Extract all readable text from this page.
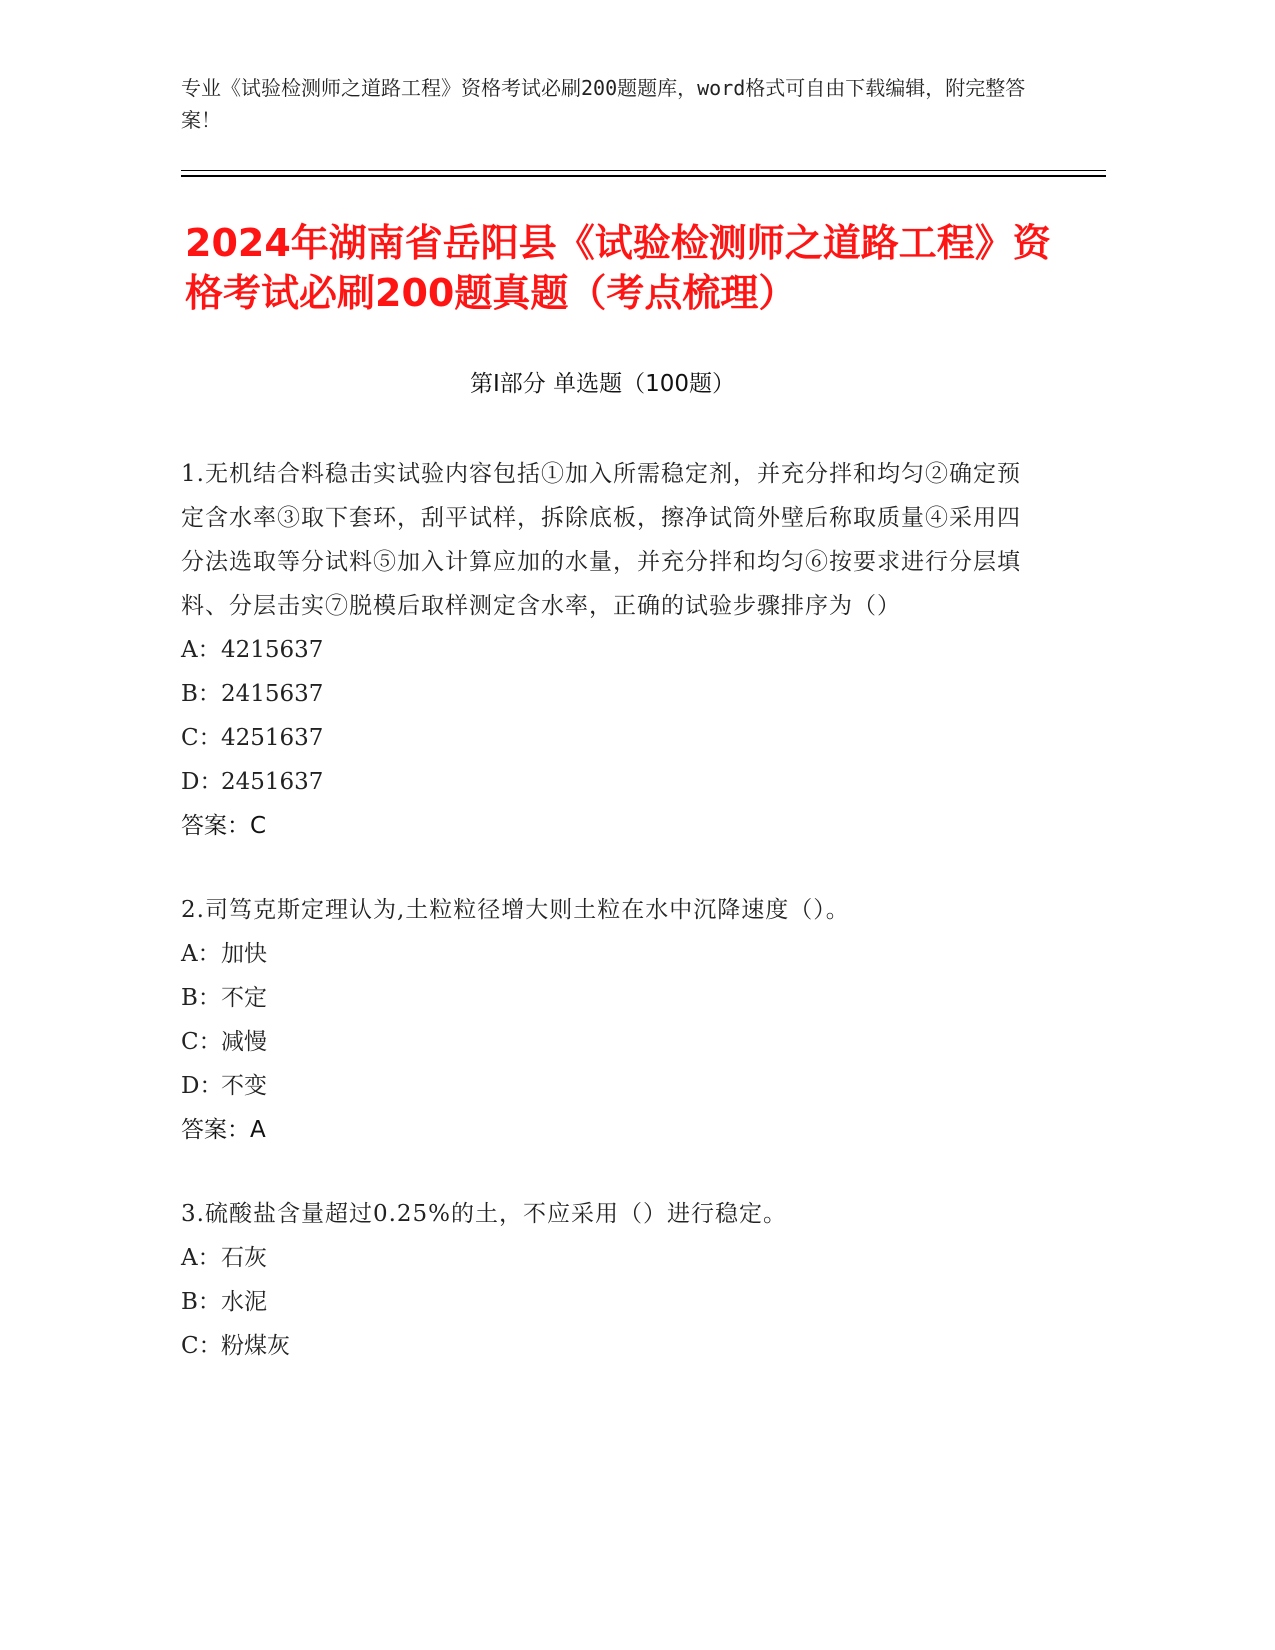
专业《试验检测师之道路工程》资格考试必刷200题题库，word格式可自由下载编辑，附完整答案！
2024年湖南省岳阳县《试验检测师之道路工程》资格考试必刷200题真题（考点梳理）
第Ⅰ部分 单选题（100题）
1.无机结合料稳击实试验内容包括①加入所需稳定剂，并充分拌和均匀②确定预定含水率③取下套环，刮平试样，拆除底板，擦净试筒外壁后称取质量④采用四分法选取等分试料⑤加入计算应加的水量，并充分拌和均匀⑥按要求进行分层填料、分层击实⑦脱模后取样测定含水率，正确的试验步骤排序为（）
A： 4215637
B： 2415637
C： 4251637
D：
2451637
答案：C
2.司笃克斯定理认为,土粒粒径增大则土粒在水中沉降速度（）。
A： 加快
B： 不定
C： 减慢
D：
不变
答案：A
3.硫酸盐含量超过0.25%的土，不应采用（）进行稳定。
A： 石灰
B： 水泥
C： 粉煤灰
